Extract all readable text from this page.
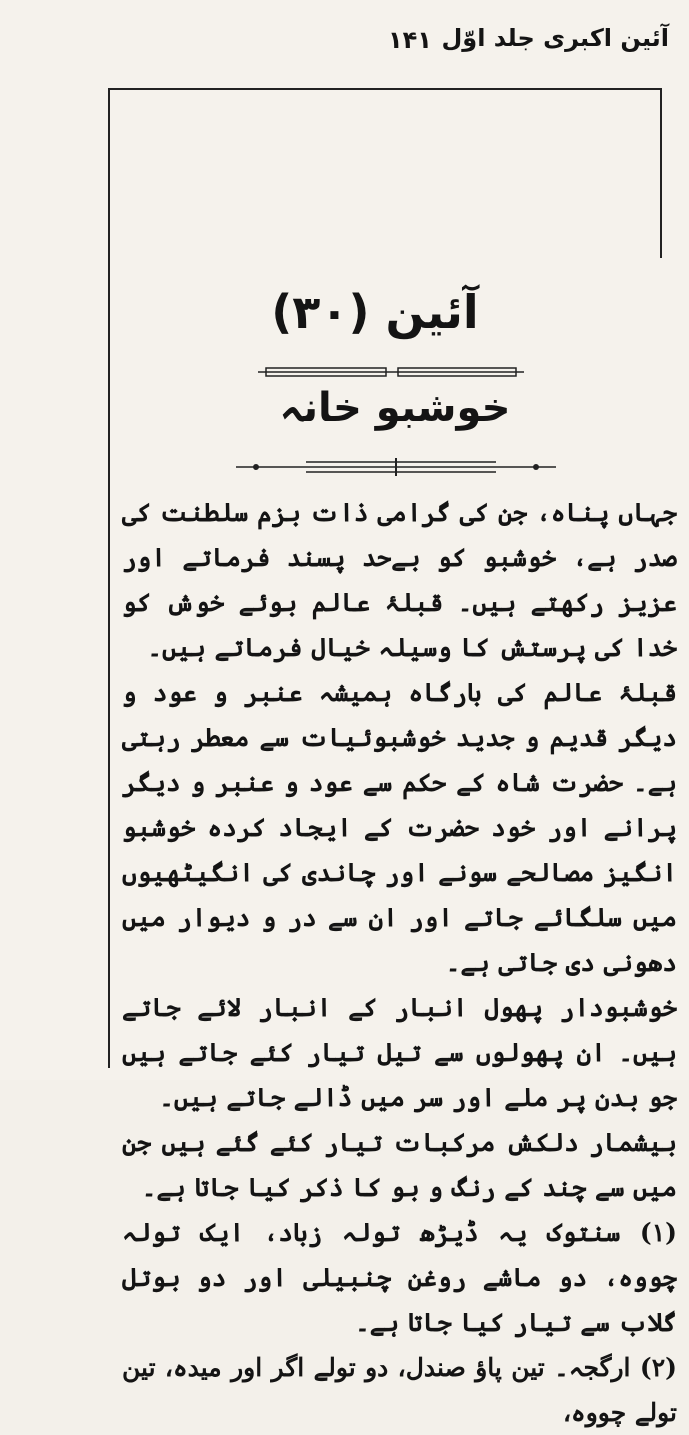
۱۴۱ آئین اکبری جلد اوّل
آئین (۳۰)
خوشبو خانہ

جہاں پناہ، جن کی گرامی ذات بزم سلطنت کی صدر ہے، خوشبو کو بےحد پسند فرماتے اور عزیز رکھتے ہیں۔ قبلۂ عالم بوئے خوش کو خدا کی پرستش کا وسیلہ خیال فرماتے ہیں۔

قبلۂ عالم کی بارگاہ ہمیشہ عنبر و عود و دیگر قدیم و جدید خوشبوئیات سے معطر رہتی ہے۔ حضرت شاہ کے حکم سے عود و عنبر و دیگر پرانے اور خود حضرت کے ایجاد کردہ خوشبو انگیز مصالحے سونے اور چاندی کی انگیٹھیوں میں سلگائے جاتے اور ان سے در و دیوار میں دھونی دی جاتی ہے۔

خوشبودار پھول انبار کے انبار لائے جاتے ہیں۔ ان پھولوں سے تیل تیار کئے جاتے ہیں جو بدن پر ملے اور سر میں ڈالے جاتے ہیں۔

بیشمار دلکش مرکبات تیار کئے گئے ہیں جن میں سے چند کے رنگ و بو کا ذکر کیا جاتا ہے۔

(۱) سنتوک یہ ڈیڑھ تولہ زباد، ایک تولہ چووہ، دو ماشے روغن چنبیلی اور دو بوتل گلاب سے تیار کیا جاتا ہے۔

(۲) ارگجہ۔ تین پاؤ صندل، دو تولے اگر اور میدہ، تین تولے چووہ،
